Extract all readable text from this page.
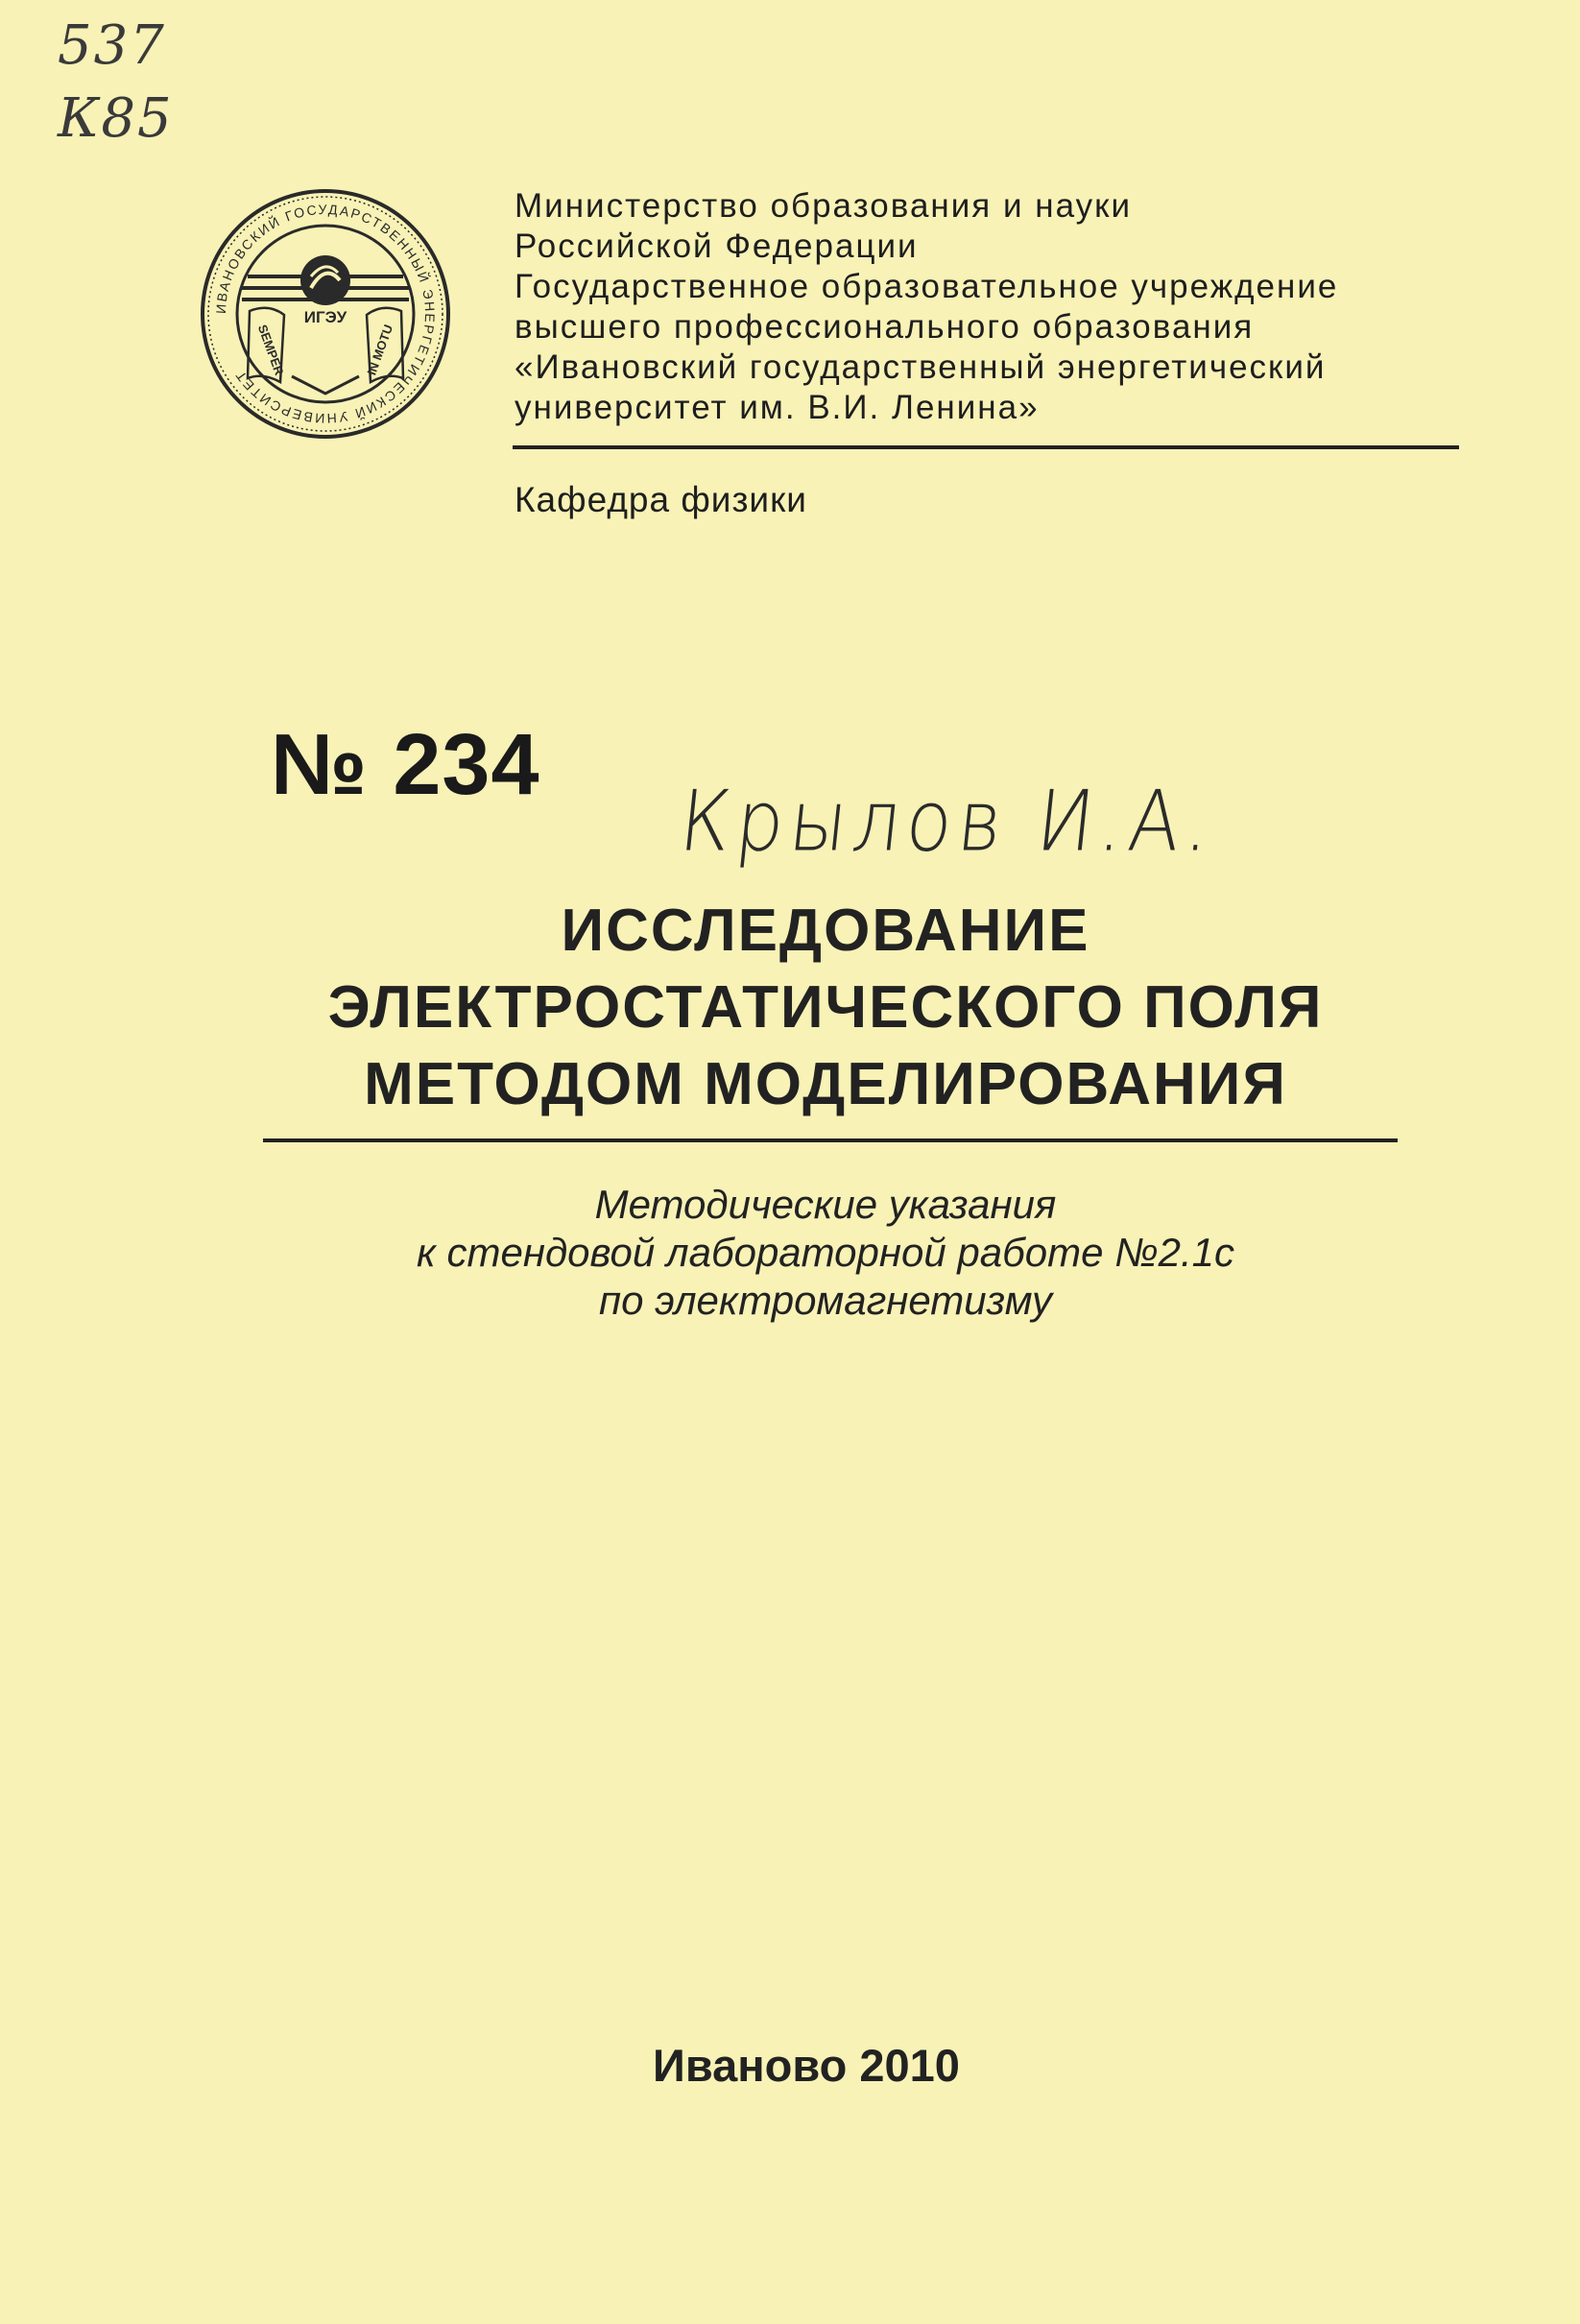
537
К85
ИВАНОВСКИЙ ГОСУДАРСТВЕННЫЙ ЭНЕРГЕТИЧЕСКИЙ УНИВЕРСИТЕТ
ИГЭУ
SEMPER	IN MOTU
Министерство образования и науки
Российской Федерации
Государственное образовательное учреждение
высшего профессионального образования
«Ивановский государственный энергетический
университет им. В.И. Ленина»
Кафедра физики
№ 234
Крылов И.А.
ИССЛЕДОВАНИЕ
ЭЛЕКТРОСТАТИЧЕСКОГО ПОЛЯ
МЕТОДОМ МОДЕЛИРОВАНИЯ
Методические указания
к стендовой лабораторной работе №2.1с
по электромагнетизму
Иваново 2010
